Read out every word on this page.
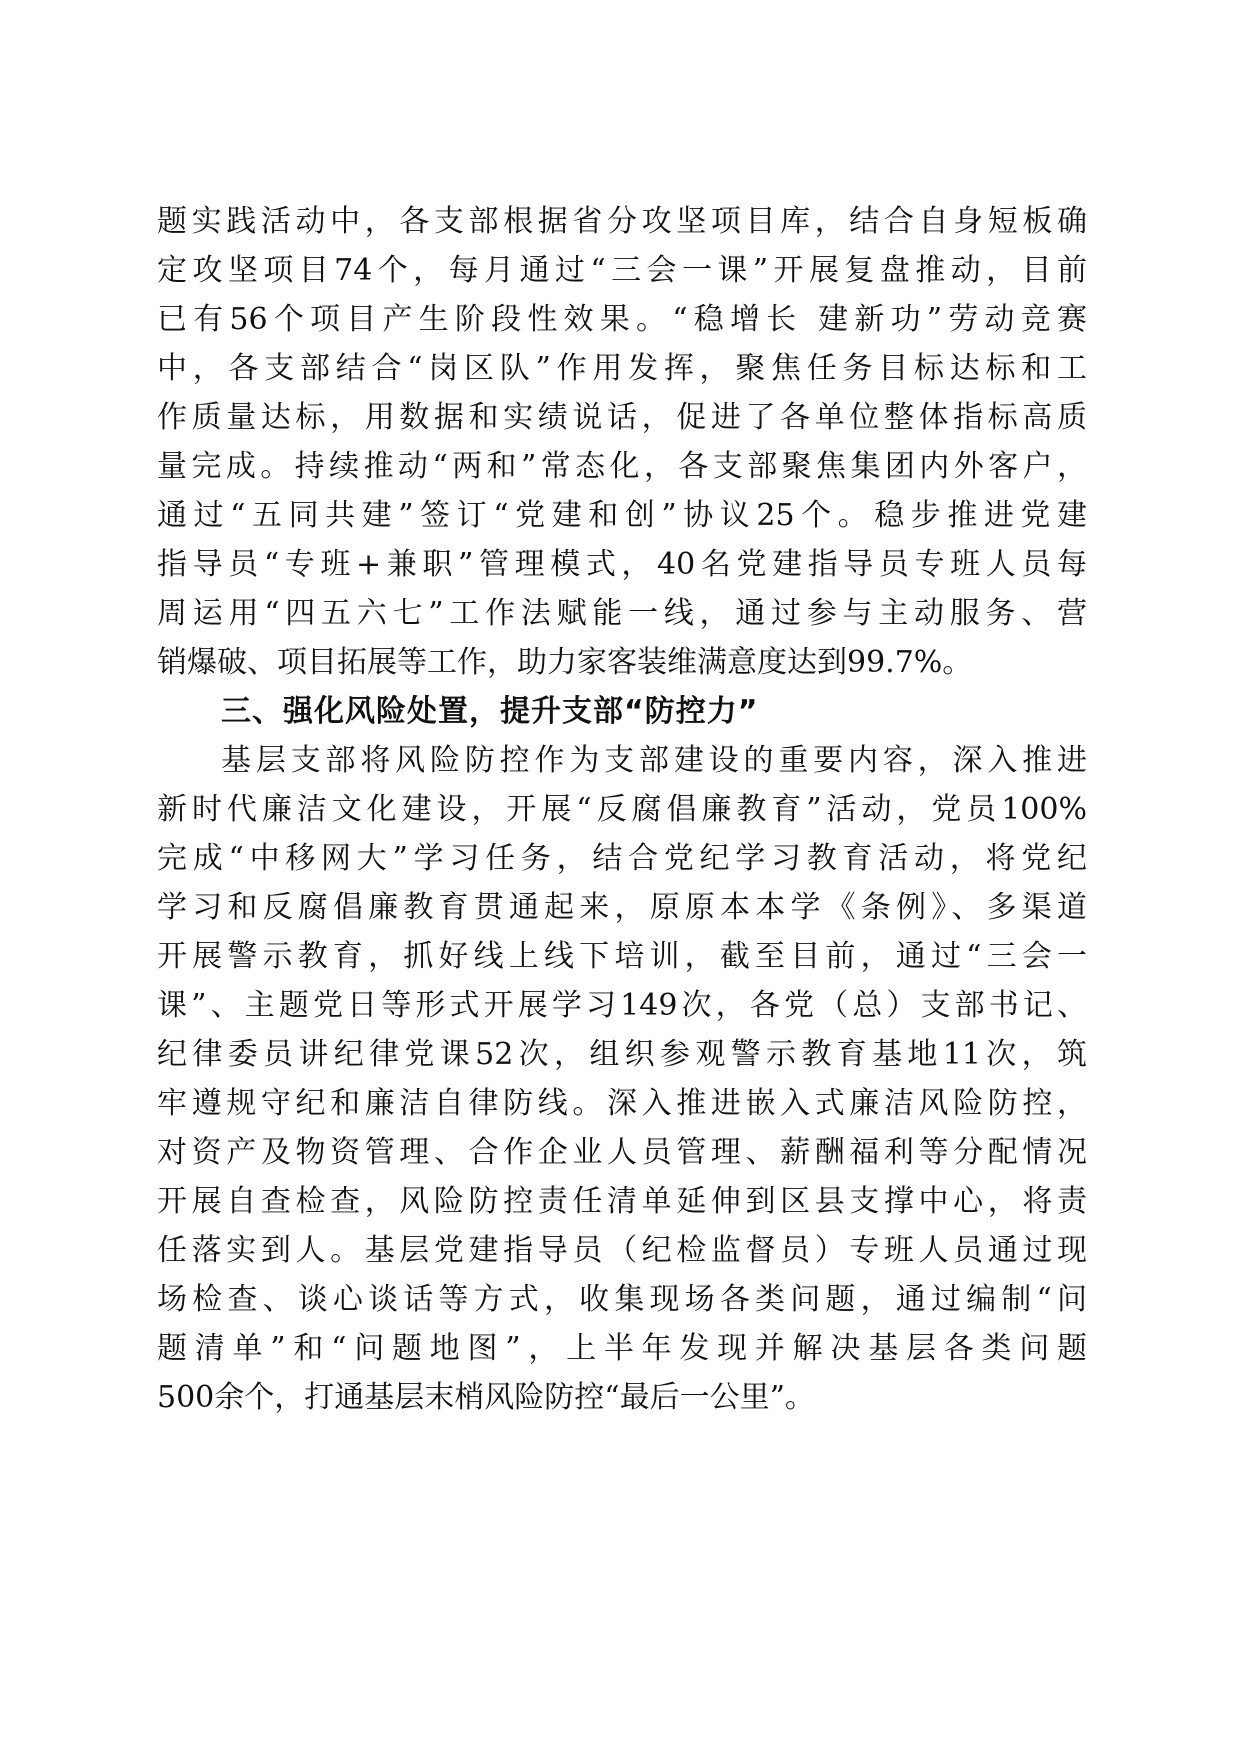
题实践活动中，各支部根据省分攻坚项目库，结合自身短板确
定攻坚项目74个，每月通过“三会一课”开展复盘推动，目前
已有56个项目产生阶段性效果。“稳增长 建新功”劳动竞赛
中，各支部结合“岗区队”作用发挥，聚焦任务目标达标和工
作质量达标，用数据和实绩说话，促进了各单位整体指标高质
量完成。持续推动“两和”常态化，各支部聚焦集团内外客户，
通过“五同共建”签订“党建和创”协议25个。稳步推进党建
指导员“专班+兼职”管理模式，40名党建指导员专班人员每
周运用“四五六七”工作法赋能一线，通过参与主动服务、营
销爆破、项目拓展等工作，助力家客装维满意度达到99.7%。
三、强化风险处置，提升支部“防控力”
基层支部将风险防控作为支部建设的重要内容，深入推进
新时代廉洁文化建设，开展“反腐倡廉教育”活动，党员100%
完成“中移网大”学习任务，结合党纪学习教育活动，将党纪
学习和反腐倡廉教育贯通起来，原原本本学《条例》、多渠道
开展警示教育，抓好线上线下培训，截至目前，通过“三会一
课”、主题党日等形式开展学习149次，各党（总）支部书记、
纪律委员讲纪律党课52次，组织参观警示教育基地11次，筑
牢遵规守纪和廉洁自律防线。深入推进嵌入式廉洁风险防控，
对资产及物资管理、合作企业人员管理、薪酬福利等分配情况
开展自查检查，风险防控责任清单延伸到区县支撑中心，将责
任落实到人。基层党建指导员（纪检监督员）专班人员通过现
场检查、谈心谈话等方式，收集现场各类问题，通过编制“问
题清单”和“问题地图”，上半年发现并解决基层各类问题
500余个，打通基层末梢风险防控“最后一公里”。
